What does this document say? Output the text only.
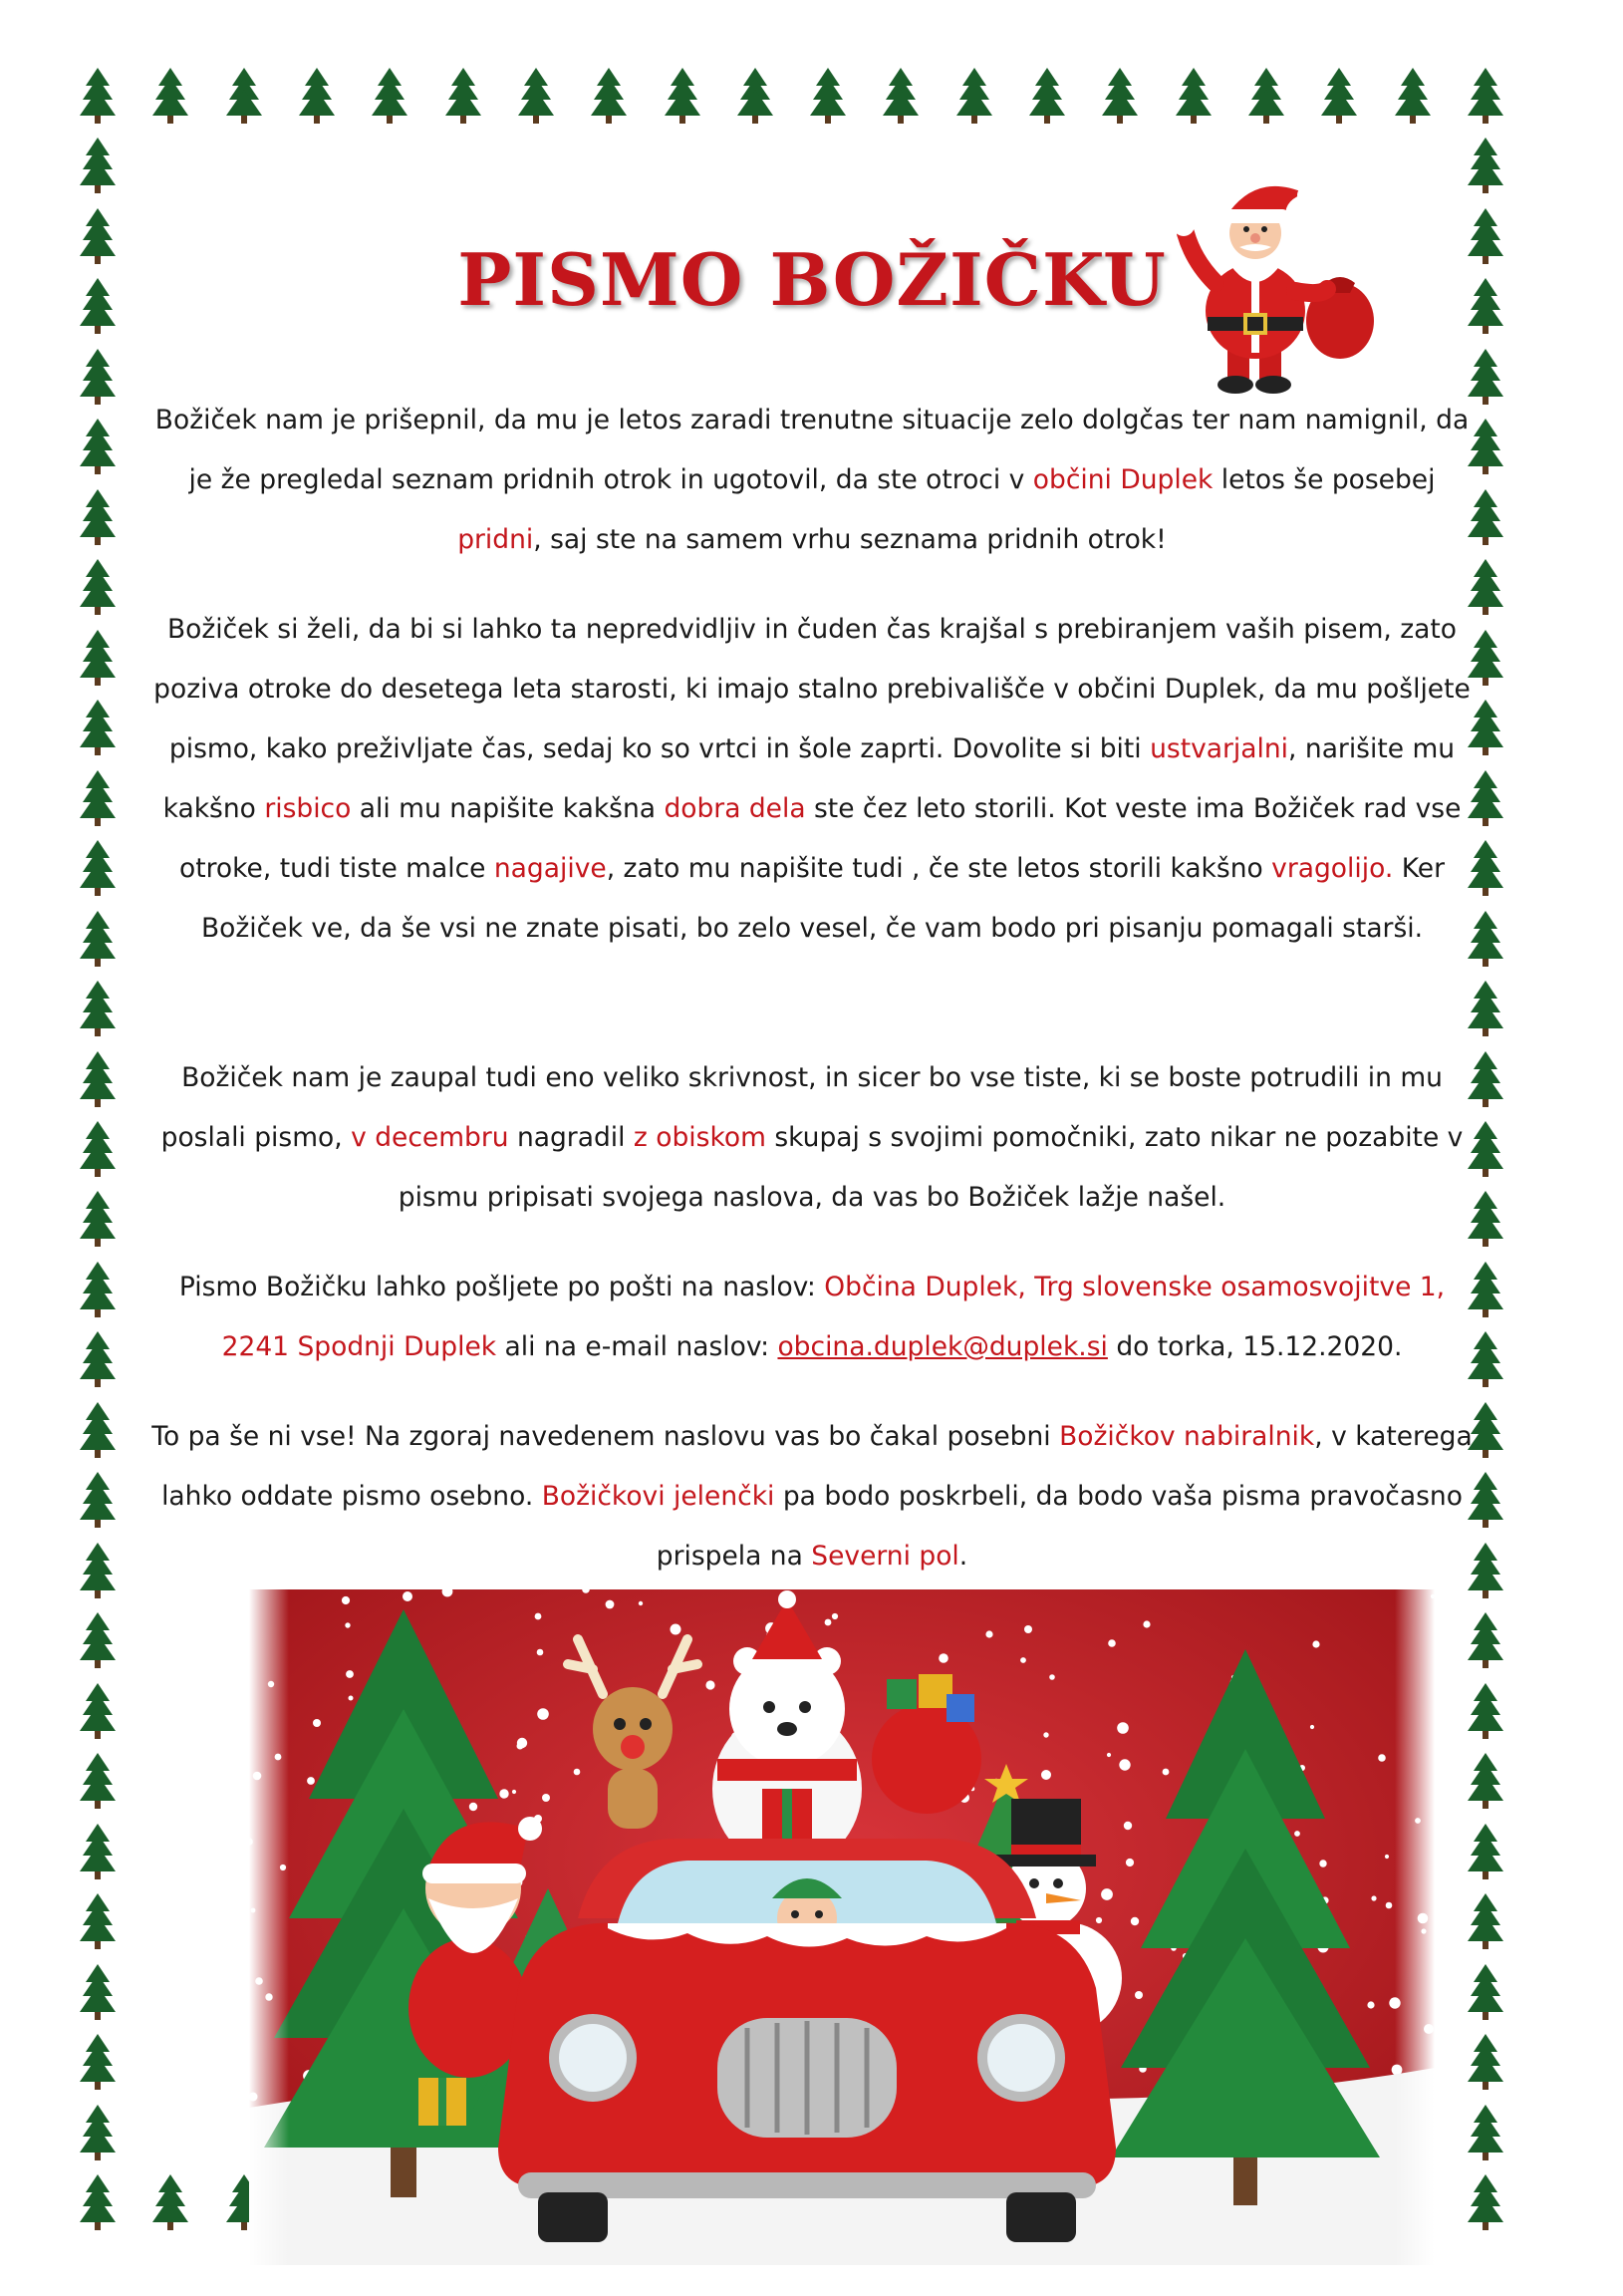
PISMO BOŽIČKU
Božiček nam je prišepnil, da mu je letos zaradi trenutne situacije zelo dolgčas ter nam namignil, da je že pregledal seznam pridnih otrok in ugotovil, da ste otroci v občini Duplek letos še posebej pridni, saj ste na samem vrhu seznama pridnih otrok!
Božiček si želi, da bi si lahko ta nepredvidljiv in čuden čas krajšal s prebiranjem vaših pisem, zato poziva otroke do desetega leta starosti, ki imajo stalno prebivališče v občini Duplek, da mu pošljete pismo, kako preživljate čas, sedaj ko so vrtci in šole zaprti. Dovolite si biti ustvarjalni, narišite mu kakšno risbico ali mu napišite kakšna dobra dela ste čez leto storili. Kot veste ima Božiček rad vse otroke, tudi tiste malce nagajive, zato mu napišite tudi , če ste letos storili kakšno vragolijo. Ker Božiček ve, da še vsi ne znate pisati, bo zelo vesel, če vam bodo pri pisanju pomagali starši.
Božiček nam je zaupal tudi eno veliko skrivnost, in sicer bo vse tiste, ki se boste potrudili in mu poslali pismo, v decembru nagradil z obiskom skupaj s svojimi pomočniki, zato nikar ne pozabite v pismu pripisati svojega naslova, da vas bo Božiček lažje našel.
Pismo Božičku lahko pošljete po pošti na naslov: Občina Duplek, Trg slovenske osamosvojitve 1, 2241 Spodnji Duplek ali na e-mail naslov: obcina.duplek@duplek.si do torka, 15.12.2020.
To pa še ni vse! Na zgoraj navedenem naslovu vas bo čakal posebni Božičkov nabiralnik, v katerega lahko oddate pismo osebno. Božičkovi jelenčki pa bodo poskrbeli, da bodo vaša pisma pravočasno prispela na Severni pol.
